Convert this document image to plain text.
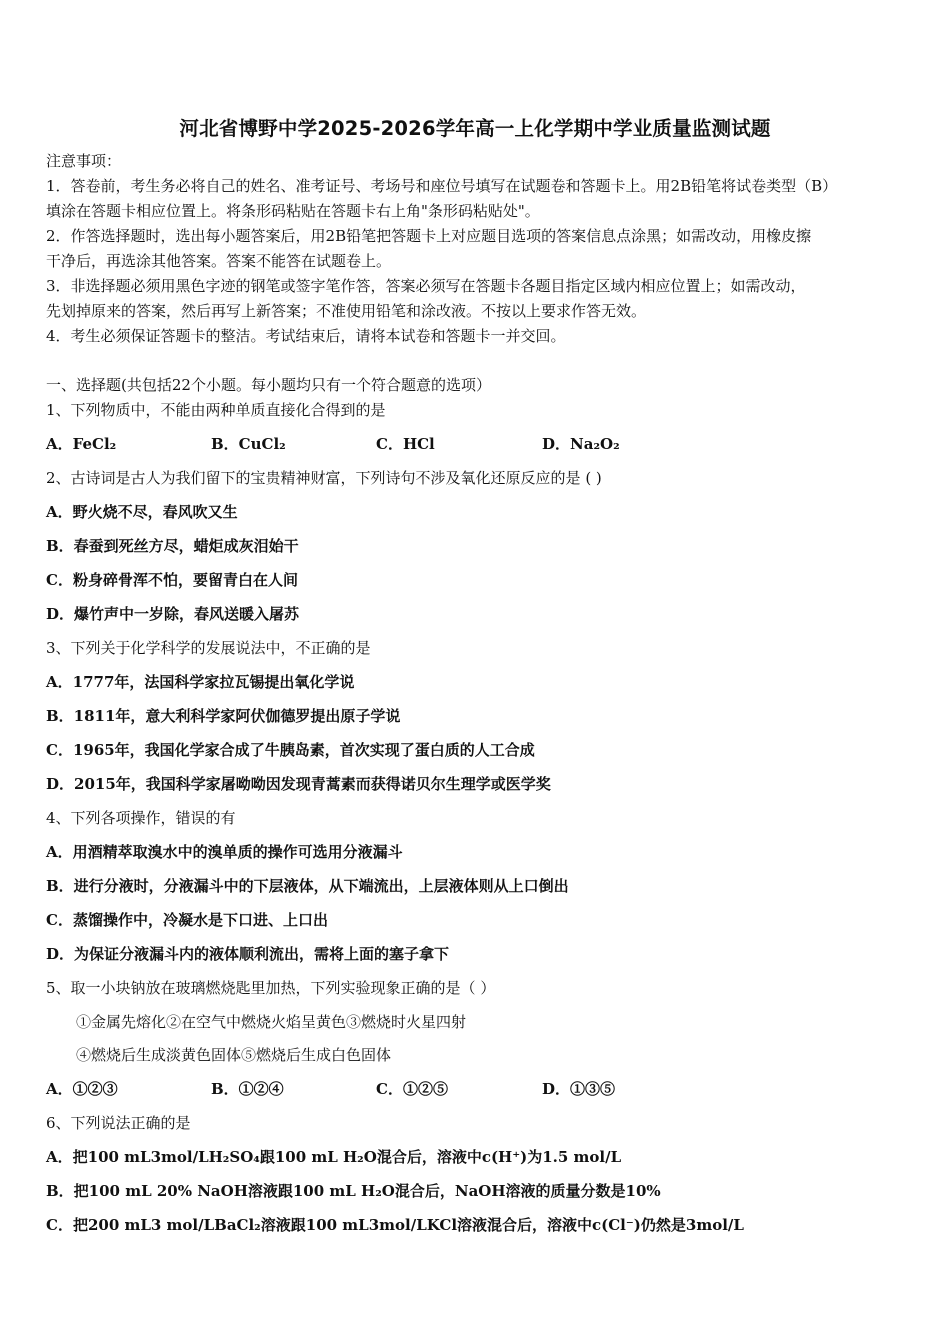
河北省博野中学2025-2026学年高一上化学期中学业质量监测试题
注意事项：
1．答卷前，考生务必将自己的姓名、准考证号、考场号和座位号填写在试题卷和答题卡上。用2B铅笔将试卷类型（B）
填涂在答题卡相应位置上。将条形码粘贴在答题卡右上角"条形码粘贴处"。
2．作答选择题时，选出每小题答案后，用2B铅笔把答题卡上对应题目选项的答案信息点涂黑；如需改动，用橡皮擦
干净后，再选涂其他答案。答案不能答在试题卷上。
3．非选择题必须用黑色字迹的钢笔或签字笔作答，答案必须写在答题卡各题目指定区域内相应位置上；如需改动，
先划掉原来的答案，然后再写上新答案；不准使用铅笔和涂改液。不按以上要求作答无效。
4．考生必须保证答题卡的整洁。考试结束后，请将本试卷和答题卡一并交回。
一、选择题(共包括22个小题。每小题均只有一个符合题意的选项）
1、下列物质中，不能由两种单质直接化合得到的是
A．FeCl₂	B．CuCl₂	C．HCl	D．Na₂O₂
2、古诗词是古人为我们留下的宝贵精神财富，下列诗句不涉及氧化还原反应的是 ( )
A．野火烧不尽，春风吹又生
B．春蚕到死丝方尽，蜡炬成灰泪始干
C．粉身碎骨浑不怕，要留青白在人间
D．爆竹声中一岁除，春风送暖入屠苏
3、下列关于化学科学的发展说法中，不正确的是
A．1777年，法国科学家拉瓦锡提出氧化学说
B．1811年，意大利科学家阿伏伽德罗提出原子学说
C．1965年，我国化学家合成了牛胰岛素，首次实现了蛋白质的人工合成
D．2015年，我国科学家屠呦呦因发现青蒿素而获得诺贝尔生理学或医学奖
4、下列各项操作，错误的有
A．用酒精萃取溴水中的溴单质的操作可选用分液漏斗
B．进行分液时，分液漏斗中的下层液体，从下端流出，上层液体则从上口倒出
C．蒸馏操作中，冷凝水是下口进、上口出
D．为保证分液漏斗内的液体顺利流出，需将上面的塞子拿下
5、取一小块钠放在玻璃燃烧匙里加热，下列实验现象正确的是（ ）
①金属先熔化②在空气中燃烧火焰呈黄色③燃烧时火星四射
④燃烧后生成淡黄色固体⑤燃烧后生成白色固体
A．①②③	B．①②④	C．①②⑤	D．①③⑤
6、下列说法正确的是
A．把100 mL3mol/LH₂SO₄跟100 mL H₂O混合后，溶液中c(H⁺)为1.5 mol/L
B．把100 mL 20% NaOH溶液跟100 mL H₂O混合后，NaOH溶液的质量分数是10%
C．把200 mL3 mol/LBaCl₂溶液跟100 mL3mol/LKCl溶液混合后，溶液中c(Cl⁻)仍然是3mol/L
